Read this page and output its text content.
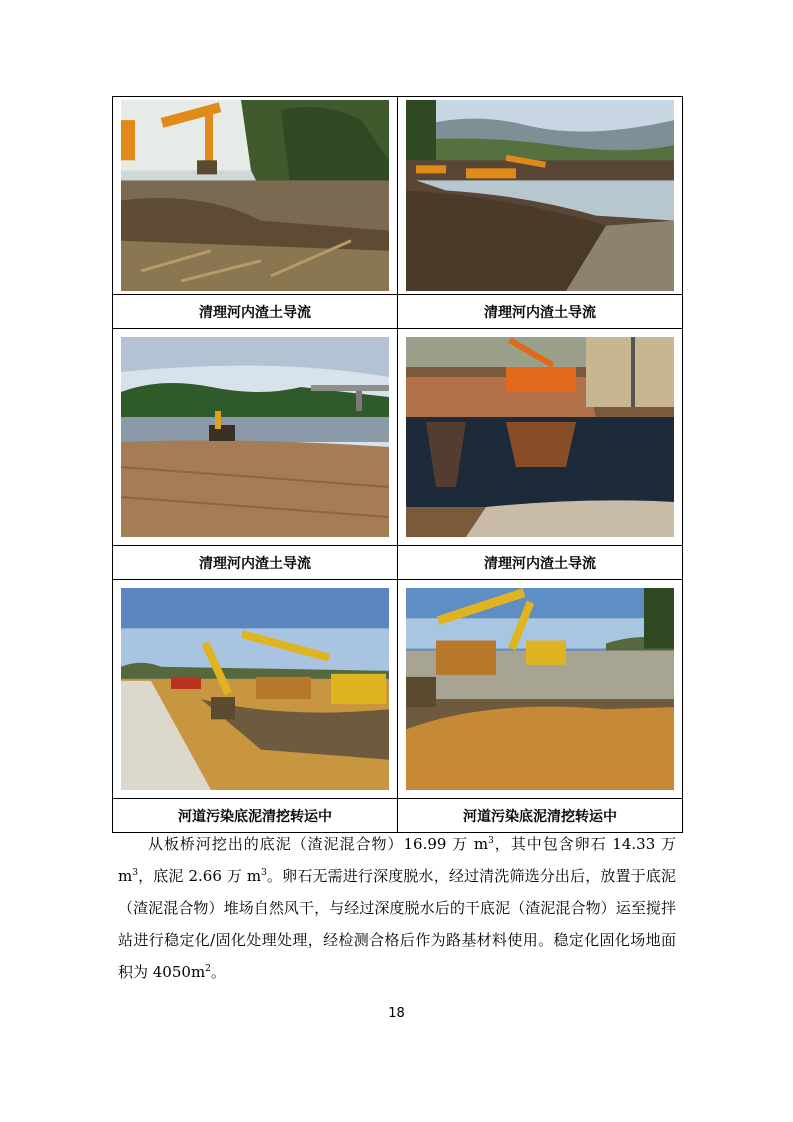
清理河内渣土导流	清理河内渣土导流

清理河内渣土导流	清理河内渣土导流

河道污染底泥清挖转运中	河道污染底泥清挖转运中

从板桥河挖出的底泥（渣泥混合物）16.99 万 $m^3$，其中包含卵石 14.33 万 $m^3$，底泥 2.66 万 $m^3$。卵石无需进行深度脱水，经过清洗筛选分出后，放置于底泥（渣泥混合物）堆场自然风干，与经过深度脱水后的干底泥（渣泥混合物）运至搅拌站进行稳定化/固化处理处理，经检测合格后作为路基材料使用。稳定化固化场地面积为 $4050m^2$。

18
